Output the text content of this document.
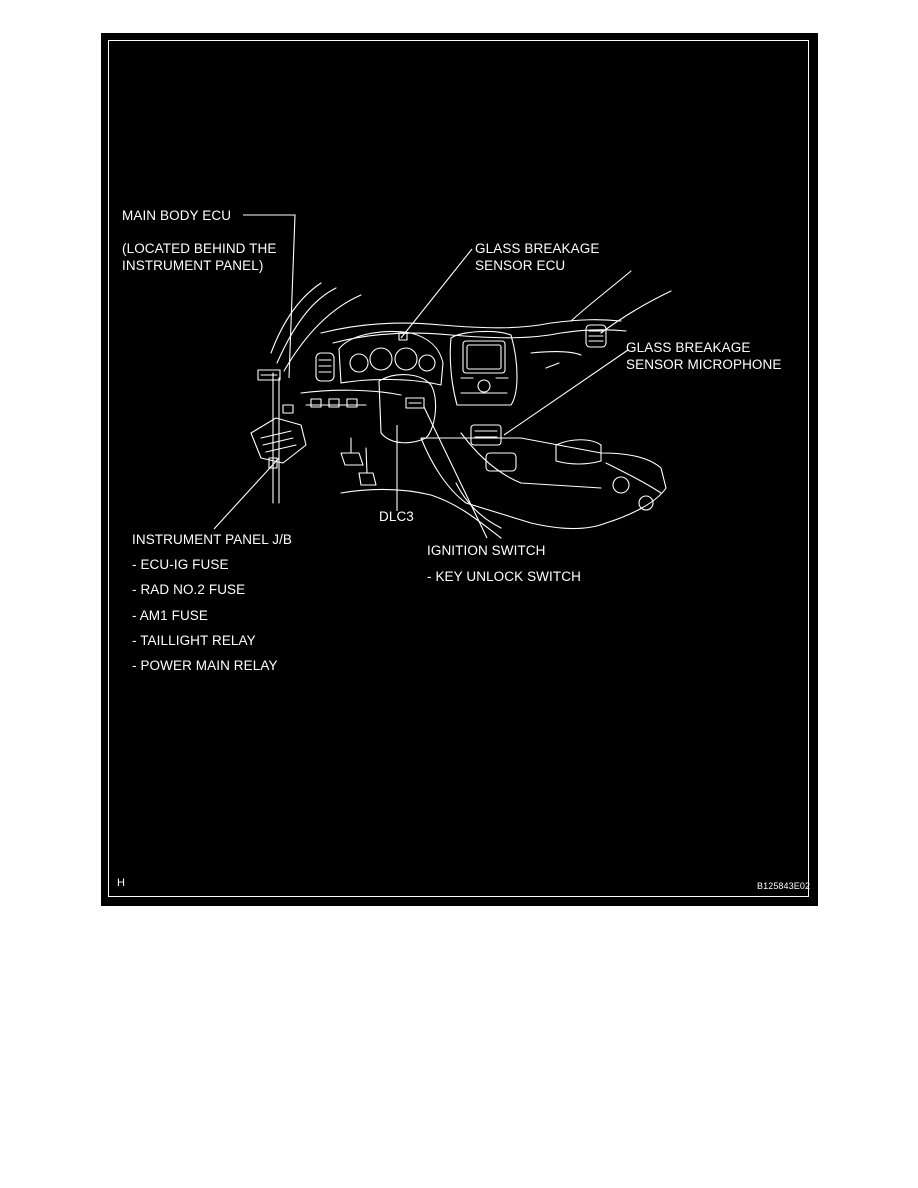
MAIN BODY ECU
(LOCATED BEHIND THE
INSTRUMENT PANEL)
GLASS BREAKAGE
SENSOR ECU
GLASS BREAKAGE
SENSOR MICROPHONE
DLC3
IGNITION SWITCH
- KEY UNLOCK SWITCH
INSTRUMENT PANEL J/B
- ECU-IG FUSE
- RAD NO.2 FUSE
- AM1 FUSE
- TAILLIGHT RELAY
- POWER MAIN RELAY
H	B125843E02
